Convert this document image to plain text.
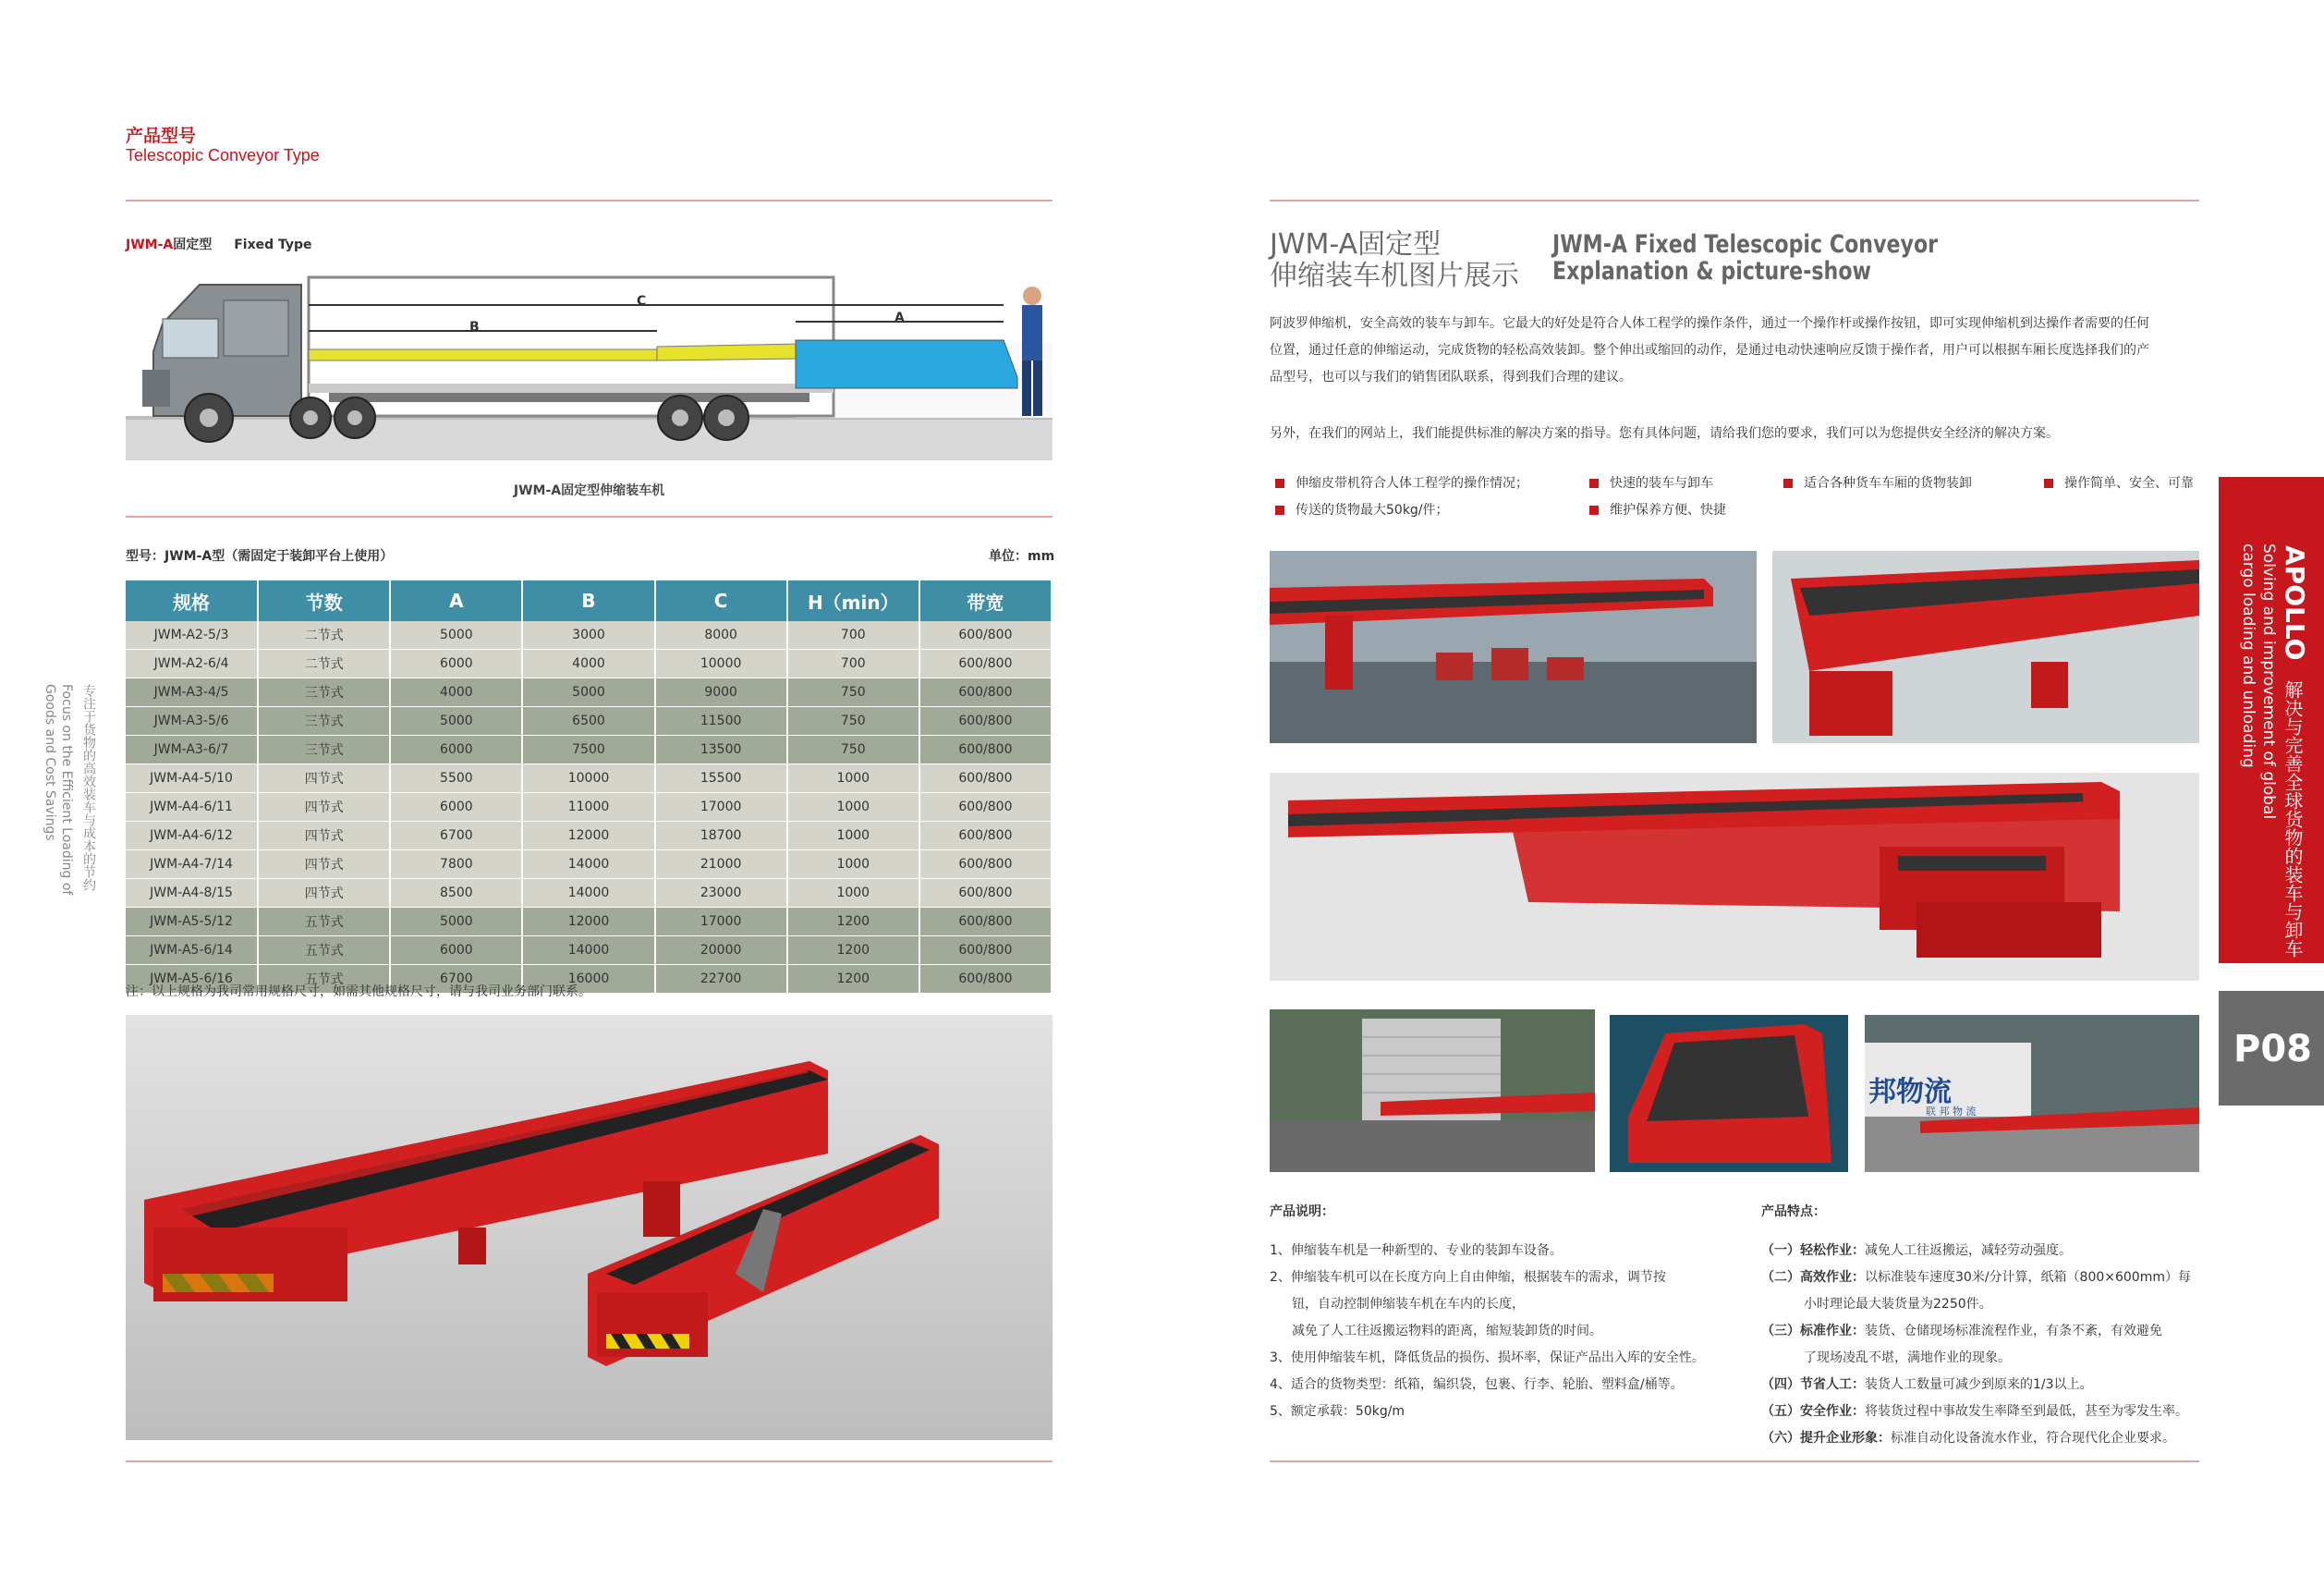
产品型号
Telescopic Conveyor Type
JWM-A固定型 Fixed Type
C
B
A
JWM-A固定型伸缩装车机
型号：JWM-A型（需固定于装卸平台上使用）	单位：mm
规格	节数	A	B	C	H（min）	带宽
JWM-A2-5/3	二节式	5000	3000	8000	700	600/800
JWM-A2-6/4	二节式	6000	4000	10000	700	600/800
JWM-A3-4/5	三节式	4000	5000	9000	750	600/800
JWM-A3-5/6	三节式	5000	6500	11500	750	600/800
JWM-A3-6/7	三节式	6000	7500	13500	750	600/800
JWM-A4-5/10	四节式	5500	10000	15500	1000	600/800
JWM-A4-6/11	四节式	6000	11000	17000	1000	600/800
JWM-A4-6/12	四节式	6700	12000	18700	1000	600/800
JWM-A4-7/14	四节式	7800	14000	21000	1000	600/800
JWM-A4-8/15	四节式	8500	14000	23000	1000	600/800
JWM-A5-5/12	五节式	5000	12000	17000	1200	600/800
JWM-A5-6/14	五节式	6000	14000	20000	1200	600/800
JWM-A5-6/16	五节式	6700	16000	22700	1200	600/800
注：以上规格为我司常用规格尺寸，如需其他规格尺寸，请与我司业务部门联系。
专注于货物的高效装车与成本的节约
Focus on the Efficient Loading of
Goods and Cost Savings
JWM-A固定型
伸缩装车机图片展示
JWM-A Fixed Telescopic Conveyor
Explanation & picture-show
阿波罗伸缩机，安全高效的装车与卸车。它最大的好处是符合人体工程学的操作条件，通过一个操作杆或操作按钮，即可实现伸缩机到达操作者需要的任何
位置，通过任意的伸缩运动，完成货物的轻松高效装卸。整个伸出或缩回的动作，是通过电动快速响应反馈于操作者，用户可以根据车厢长度选择我们的产
品型号，也可以与我们的销售团队联系，得到我们合理的建议。
另外，在我们的网站上，我们能提供标准的解决方案的指导。您有具体问题，请给我们您的要求，我们可以为您提供安全经济的解决方案。
伸缩皮带机符合人体工程学的操作情况；	快速的装车与卸车	适合各种货车车厢的货物装卸	操作简单、安全、可靠
传送的货物最大50kg/件；	维护保养方便、快捷
邦物流
联 邦 物 流
APOLLO
解决与完善全球货物的装车与卸车
Solving and improvement of global
cargo loading and unloading
P08
产品说明：
1、伸缩装车机是一种新型的、专业的装卸车设备。
2、伸缩装车机可以在长度方向上自由伸缩，根据装车的需求，调节按
钮，自动控制伸缩装车机在车内的长度，
减免了人工往返搬运物料的距离，缩短装卸货的时间。
3、使用伸缩装车机，降低货品的损伤、损坏率，保证产品出入库的安全性。
4、适合的货物类型：纸箱，编织袋，包裹、行李、轮胎、塑料盒/桶等。
5、额定承载：50kg/m
产品特点：
（一）轻松作业：减免人工往返搬运，减轻劳动强度。
（二）高效作业：以标准装车速度30米/分计算，纸箱（800×600mm）每
小时理论最大装货量为2250件。
（三）标准作业：装货、仓储现场标准流程作业，有条不紊，有效避免
了现场凌乱不堪，满地作业的现象。
（四）节省人工：装货人工数量可减少到原来的1/3以上。
（五）安全作业：将装货过程中事故发生率降至到最低，甚至为零发生率。
（六）提升企业形象：标准自动化设备流水作业，符合现代化企业要求。
